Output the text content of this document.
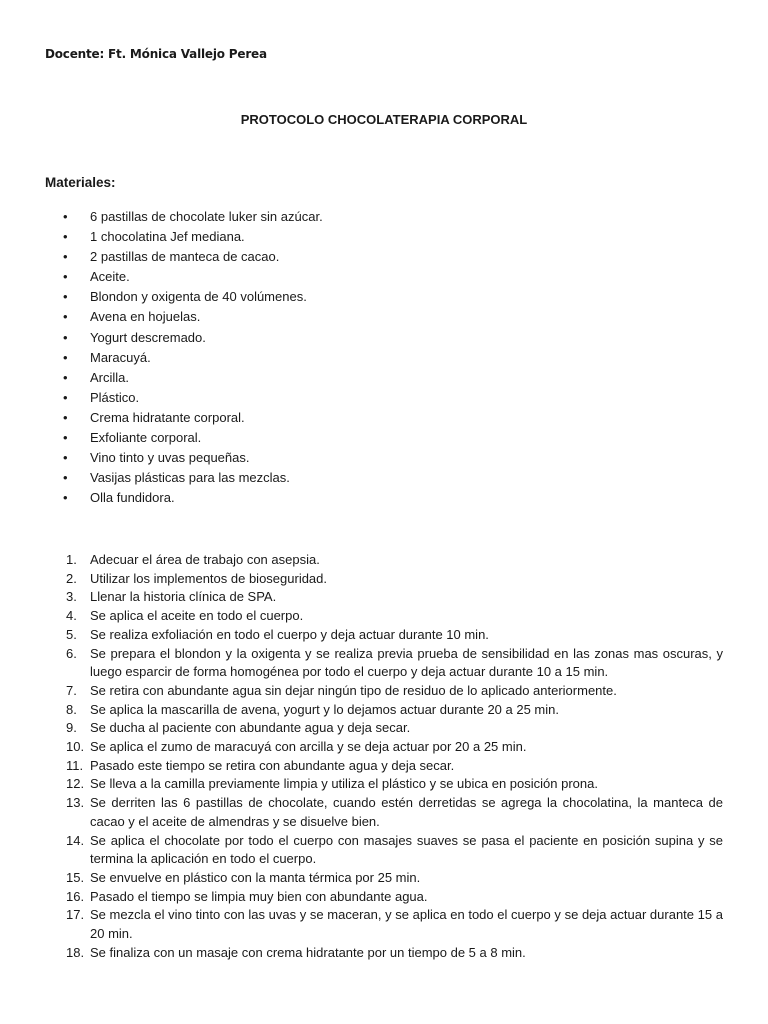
Docente: Ft. Mónica Vallejo Perea
PROTOCOLO CHOCOLATERAPIA CORPORAL
Materiales:
• 6 pastillas de chocolate luker sin azúcar.
• 1 chocolatina Jef mediana.
• 2 pastillas de manteca de cacao.
• Aceite.
• Blondon y oxigenta de 40 volúmenes.
• Avena en hojuelas.
• Yogurt descremado.
• Maracuyá.
• Arcilla.
• Plástico.
• Crema hidratante corporal.
• Exfoliante corporal.
• Vino tinto y uvas pequeñas.
• Vasijas plásticas para las mezclas.
• Olla fundidora.
1. Adecuar el área de trabajo con asepsia.
2. Utilizar los implementos de bioseguridad.
3. Llenar la historia clínica de SPA.
4. Se aplica el aceite en todo el cuerpo.
5. Se realiza exfoliación en todo el cuerpo y deja actuar durante 10 min.
6. Se prepara el blondon y la oxigenta y se realiza previa prueba de sensibilidad en las zonas mas oscuras, y luego esparcir de forma homogénea por todo el cuerpo y deja actuar durante 10 a 15 min.
7. Se retira con abundante agua sin dejar ningún tipo de residuo de lo aplicado anteriormente.
8. Se aplica la mascarilla de avena, yogurt y lo dejamos actuar durante 20 a 25 min.
9. Se ducha al paciente con abundante agua y deja secar.
10. Se aplica el zumo de maracuyá con arcilla y se deja actuar por 20 a 25 min.
11. Pasado este tiempo se retira con abundante agua y deja secar.
12. Se lleva a la camilla previamente limpia y utiliza el plástico y se ubica en posición prona.
13. Se derriten las 6 pastillas de chocolate, cuando estén derretidas se agrega la chocolatina, la manteca de cacao y el aceite de almendras y se disuelve bien.
14. Se aplica el chocolate por todo el cuerpo con masajes suaves se pasa el paciente en posición supina y se termina la aplicación en todo el cuerpo.
15. Se envuelve en plástico con la manta térmica por 25 min.
16. Pasado el tiempo se limpia muy bien con abundante agua.
17. Se mezcla el vino tinto con las uvas y se maceran, y se aplica en todo el cuerpo y se deja actuar durante 15 a 20 min.
18. Se finaliza con un masaje con crema hidratante por un tiempo de 5 a 8 min.
